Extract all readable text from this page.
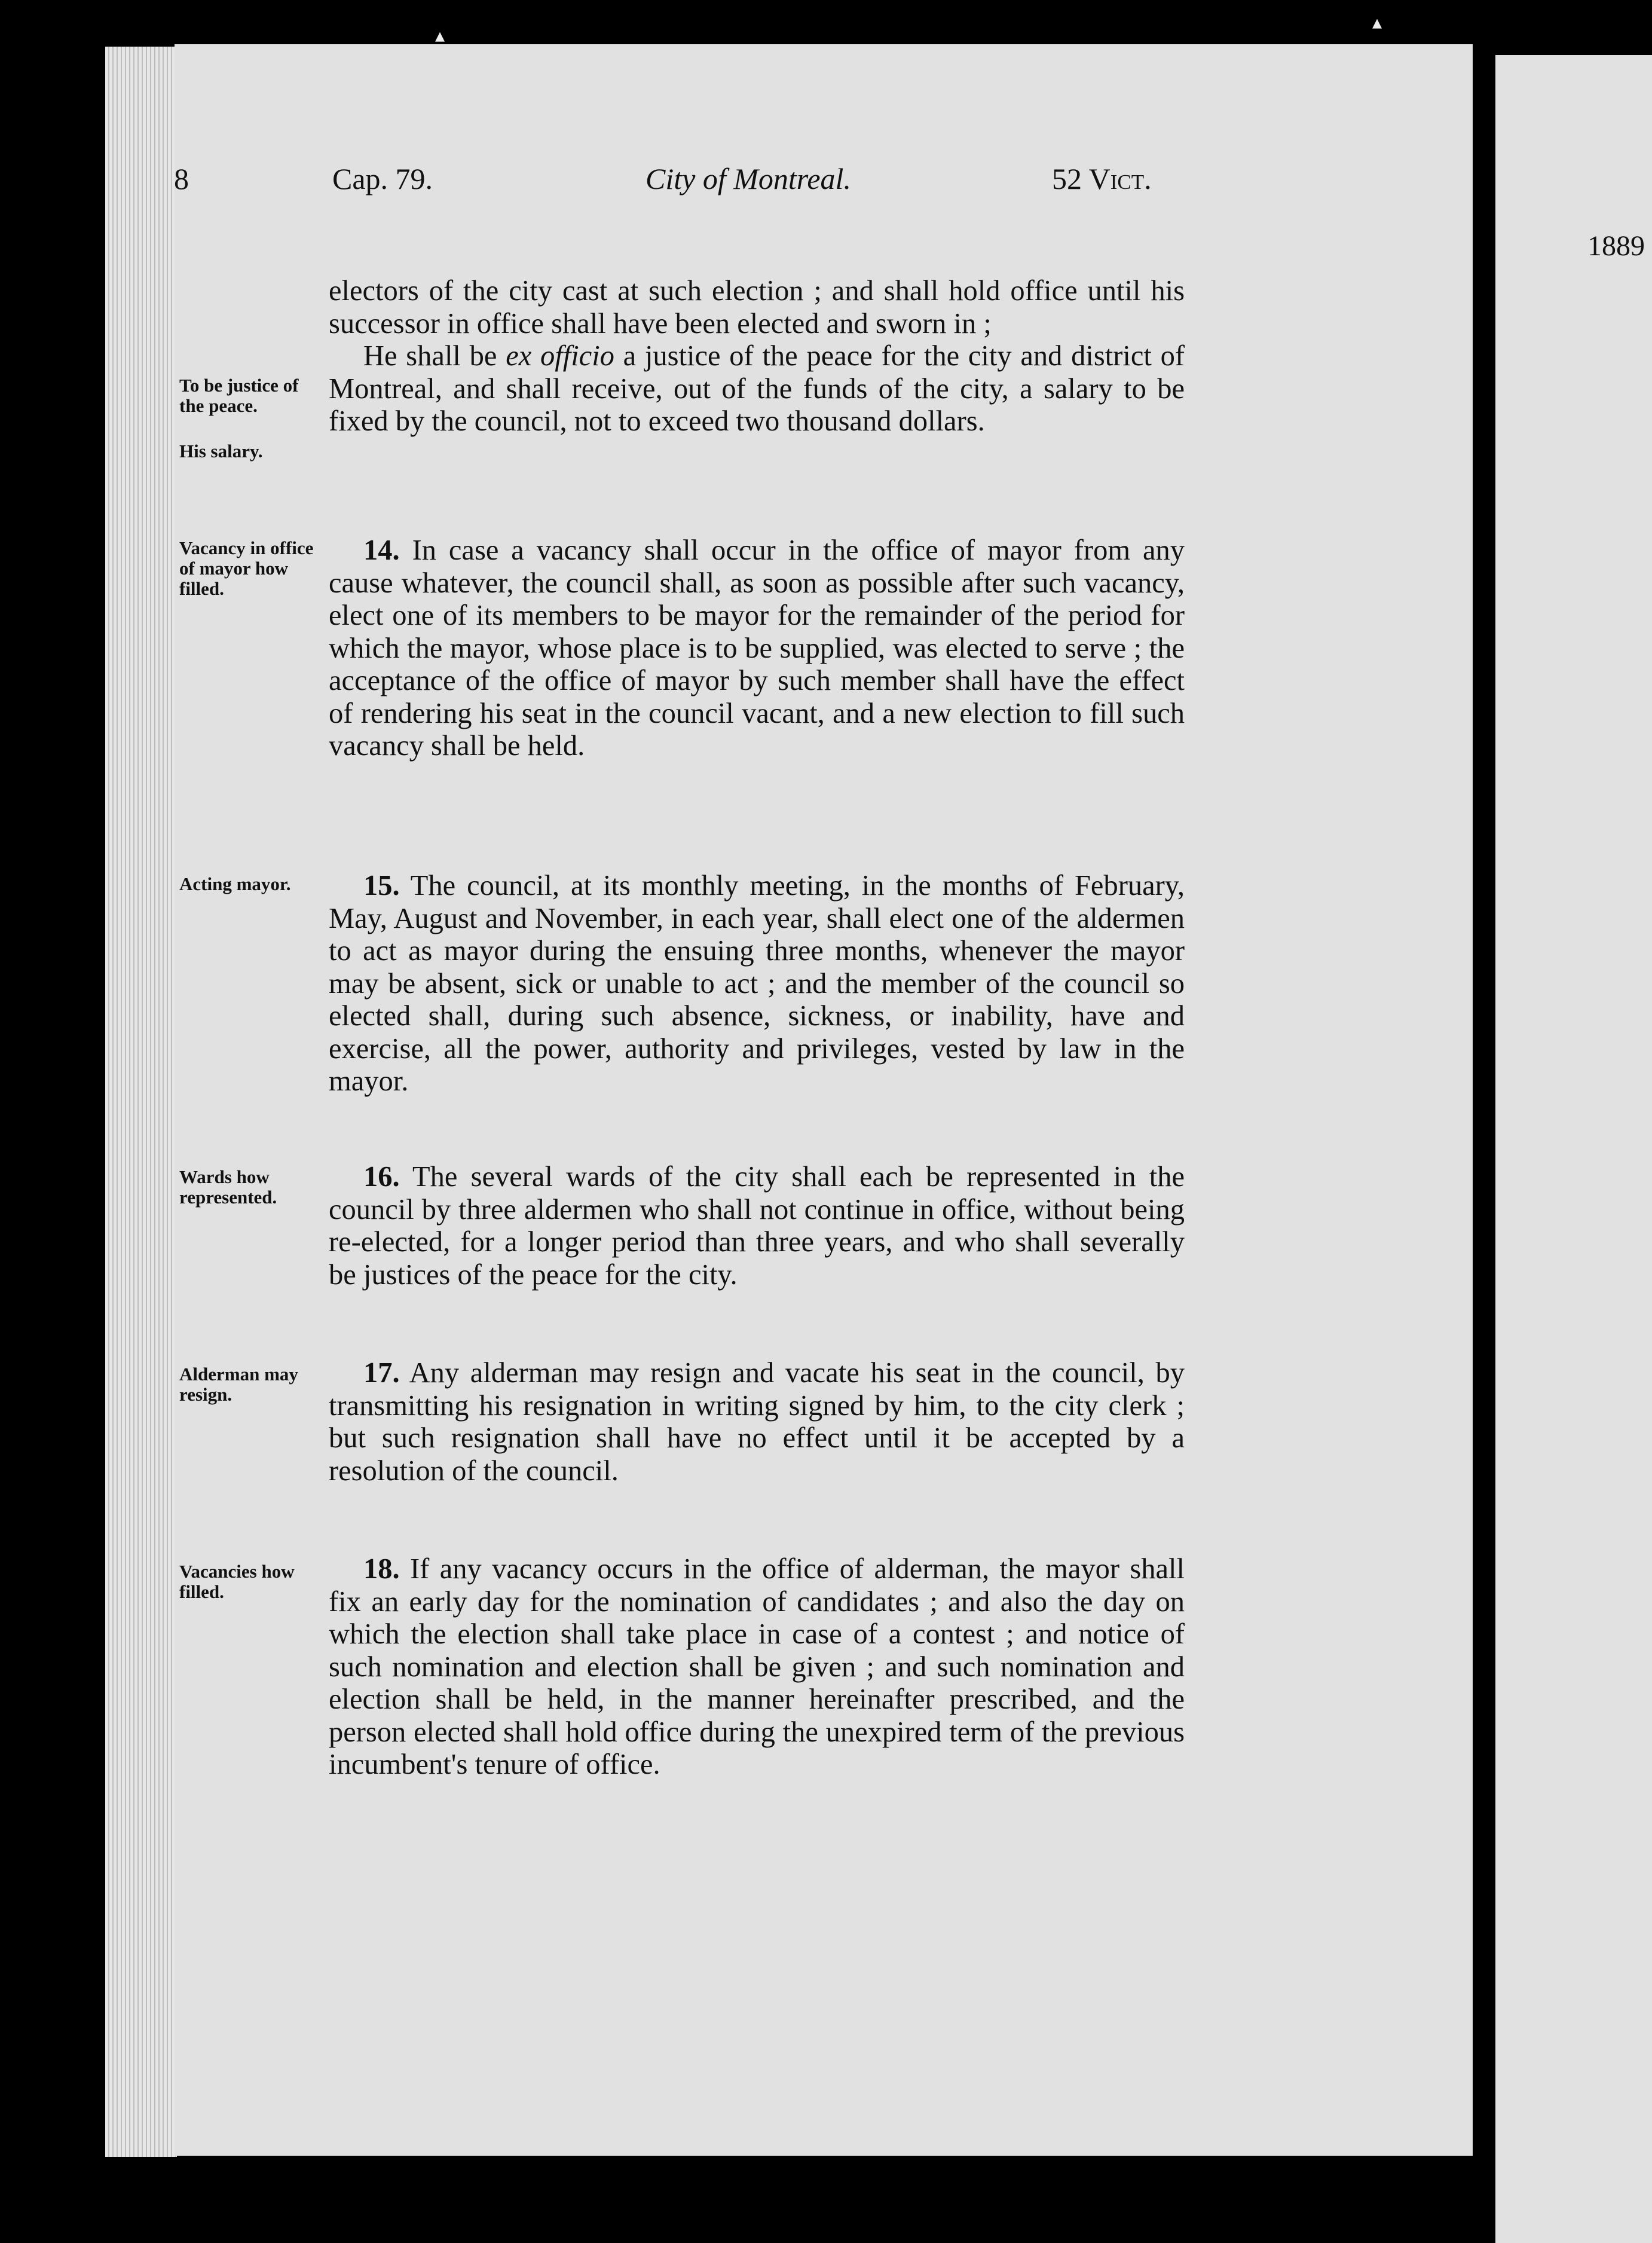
8	Cap. 79.	City of Montreal.	52 Vict.
To be justice of the peace.
His salary.
Vacancy in office of mayor how filled.
Acting mayor.
Wards how represented.
Alderman may resign.
Vacancies how filled.

electors of the city cast at such election ; and shall hold office until his successor in office shall have been elected and sworn in ;

He shall be ex officio a justice of the peace for the city and district of Montreal, and shall receive, out of the funds of the city, a salary to be fixed by the council, not to exceed two thousand dollars.

14. In case a vacancy shall occur in the office of mayor from any cause whatever, the council shall, as soon as possible after such vacancy, elect one of its members to be mayor for the remainder of the period for which the mayor, whose place is to be supplied, was elected to serve ; the acceptance of the office of mayor by such member shall have the effect of rendering his seat in the council vacant, and a new election to fill such vacancy shall be held.

15. The council, at its monthly meeting, in the months of February, May, August and November, in each year, shall elect one of the aldermen to act as mayor during the ensuing three months, whenever the mayor may be absent, sick or unable to act ; and the member of the council so elected shall, during such absence, sickness, or inability, have and exercise, all the power, authority and privileges, vested by law in the mayor.

16. The several wards of the city shall each be represented in the council by three aldermen who shall not continue in office, without being re-elected, for a longer period than three years, and who shall severally be justices of the peace for the city.

17. Any alderman may resign and vacate his seat in the council, by transmitting his resignation in writing signed by him, to the city clerk ; but such resignation shall have no effect until it be accepted by a resolution of the council.

18. If any vacancy occurs in the office of alderman, the mayor shall fix an early day for the nomination of candidates ; and also the day on which the election shall take place in case of a contest ; and notice of such nomination and election shall be given ; and such nomination and election shall be held, in the manner hereinafter prescribed, and the person elected shall hold office during the unexpired term of the previous incumbent's tenure of office.

1889
▴
▴
